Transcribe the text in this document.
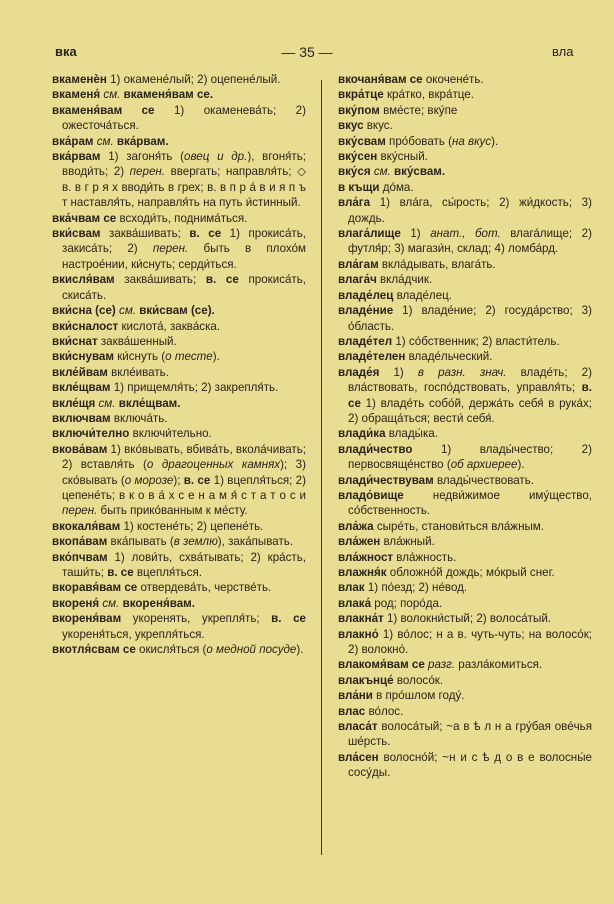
вка	— 35 —	вла

вкаменѐн 1) окамене́лый; 2) оцепене́лый.

вкаменя́ см. вкаменя́вам се.

вкаменя́вам се 1) окаменева́ть; 2) ожесточа́ться.

вка́рам см. вка́рвам.

вка́рвам 1) загоня́ть (овец и др.), вгоня́ть; вводи́ть; 2) перен. ввергать; направля́ть; ◇ в. в г р я х вводи́ть в грех; в. в п р а́ в и я п ъ т наставля́ть, направля́ть на путь и́стинный.

вка́чвам се всходи́ть, поднима́ться.

вки́свам заква́шивать; в. се 1) прокиса́ть, закиса́ть; 2) перен. быть в плохо́м настрое́нии, ки́снуть; серди́ться.

вкисля́вам заква́шивать; в. се прокиса́ть, скиса́ть.

вки́сна (се) см. вки́свам (се).

вки́сналост кислота́, заква́ска.

вки́снат заква́шенный.

вки́снувам ки́снуть (о тесте).

вкле́йвам вкле́ивать.

вкле́щвам 1) прищемля́ть; 2) закрепля́ть.

вкле́щя см. вкле́щвам.

включвам включа́ть.

включи́телно включи́тельно.

вкова́вам 1) вко́вывать, вбива́ть, вкола́чивать; 2) вставля́ть (о драгоценных камнях); 3) ско́вывать (о морозе); в. се 1) вцепля́ться; 2) цепене́ть; в к о в а́ х с е н а м я́ с т а т о с и перен. быть прико́ванным к ме́сту.

вкокаля́вам 1) костене́ть; 2) цепене́ть.

вкопа́вам вка́пывать (в землю), зака́пывать.

вко́пчвам 1) лови́ть, схва́тывать; 2) кра́сть, таши́ть; в. се вцепля́ться.

вкоравя́вам се отвердева́ть, черстве́ть.

вкореня́ см. вкореня́вам.

вкореня́вам укоренять, укрепля́ть; в. се укореня́ться, укрепля́ться.

вкотля́свам се окисля́ться (о медной посуде).

вкочаня́вам се окочене́ть.

вкра́тце кра́тко, вкра́тце.

вку́пом вме́сте; вку́пе

вкус вкус.

вку́свам про́бовать (на вкус).

вку́сен вку́сный.

вку́ся см. вку́свам.

в къщи до́ма.

вла́га 1) вла́га, сы́рость; 2) жи́дкость; 3) дождь.

влага́лище 1) анат., бот. влага́лище; 2) футля́р; 3) магази́н, склад; 4) ломба́рд.

вла́гам вкла́дывать, влага́ть.

влага́ч вкла́дчик.

владе́лец владе́лец.

владе́ние 1) владе́ние; 2) госуда́рство; 3) о́бласть.

владе́тел 1) со́бственник; 2) власти́тель.

владе́телен владе́льческий.

владе́я 1) в разн. знач. владе́ть; 2) вла́ствовать, госпо́дствовать, управля́ть; в. се 1) владе́ть собо́й, держа́ть себя́ в рука́х; 2) обраща́ться; вести́ себя́.

влади́ка влады́ка.

влади́чество 1) влады́чество; 2) первосвяще́нство (об архиерее).

влади́чествувам влады́чествовать.

владо́вище недви́жимое иму́щество, со́бственность.

вла́жа сыре́ть, станови́ться вла́жным.

вла́жен вла́жный.

вла́жност вла́жность.

влажня́к обложно́й дождь; мо́крый снег.

влак 1) по́езд; 2) не́вод.

влака́ род; поро́да.

влакна́т 1) волокни́стый; 2) волоса́тый.

влакно́ 1) во́лос; н а в. чуть-чуть; на волосо́к; 2) волокно́.

влакомя́вам се разг. разла́комиться.

влакънце́ волосо́к.

вла́ни в про́шлом году́.

влас во́лос.

власа́т волоса́тый; ~а в ѣ л н а гру́бая ове́чья ше́рсть.

вла́сен волосно́й; ~н и с ѣ д о в е волосны́е сосу́ды.
